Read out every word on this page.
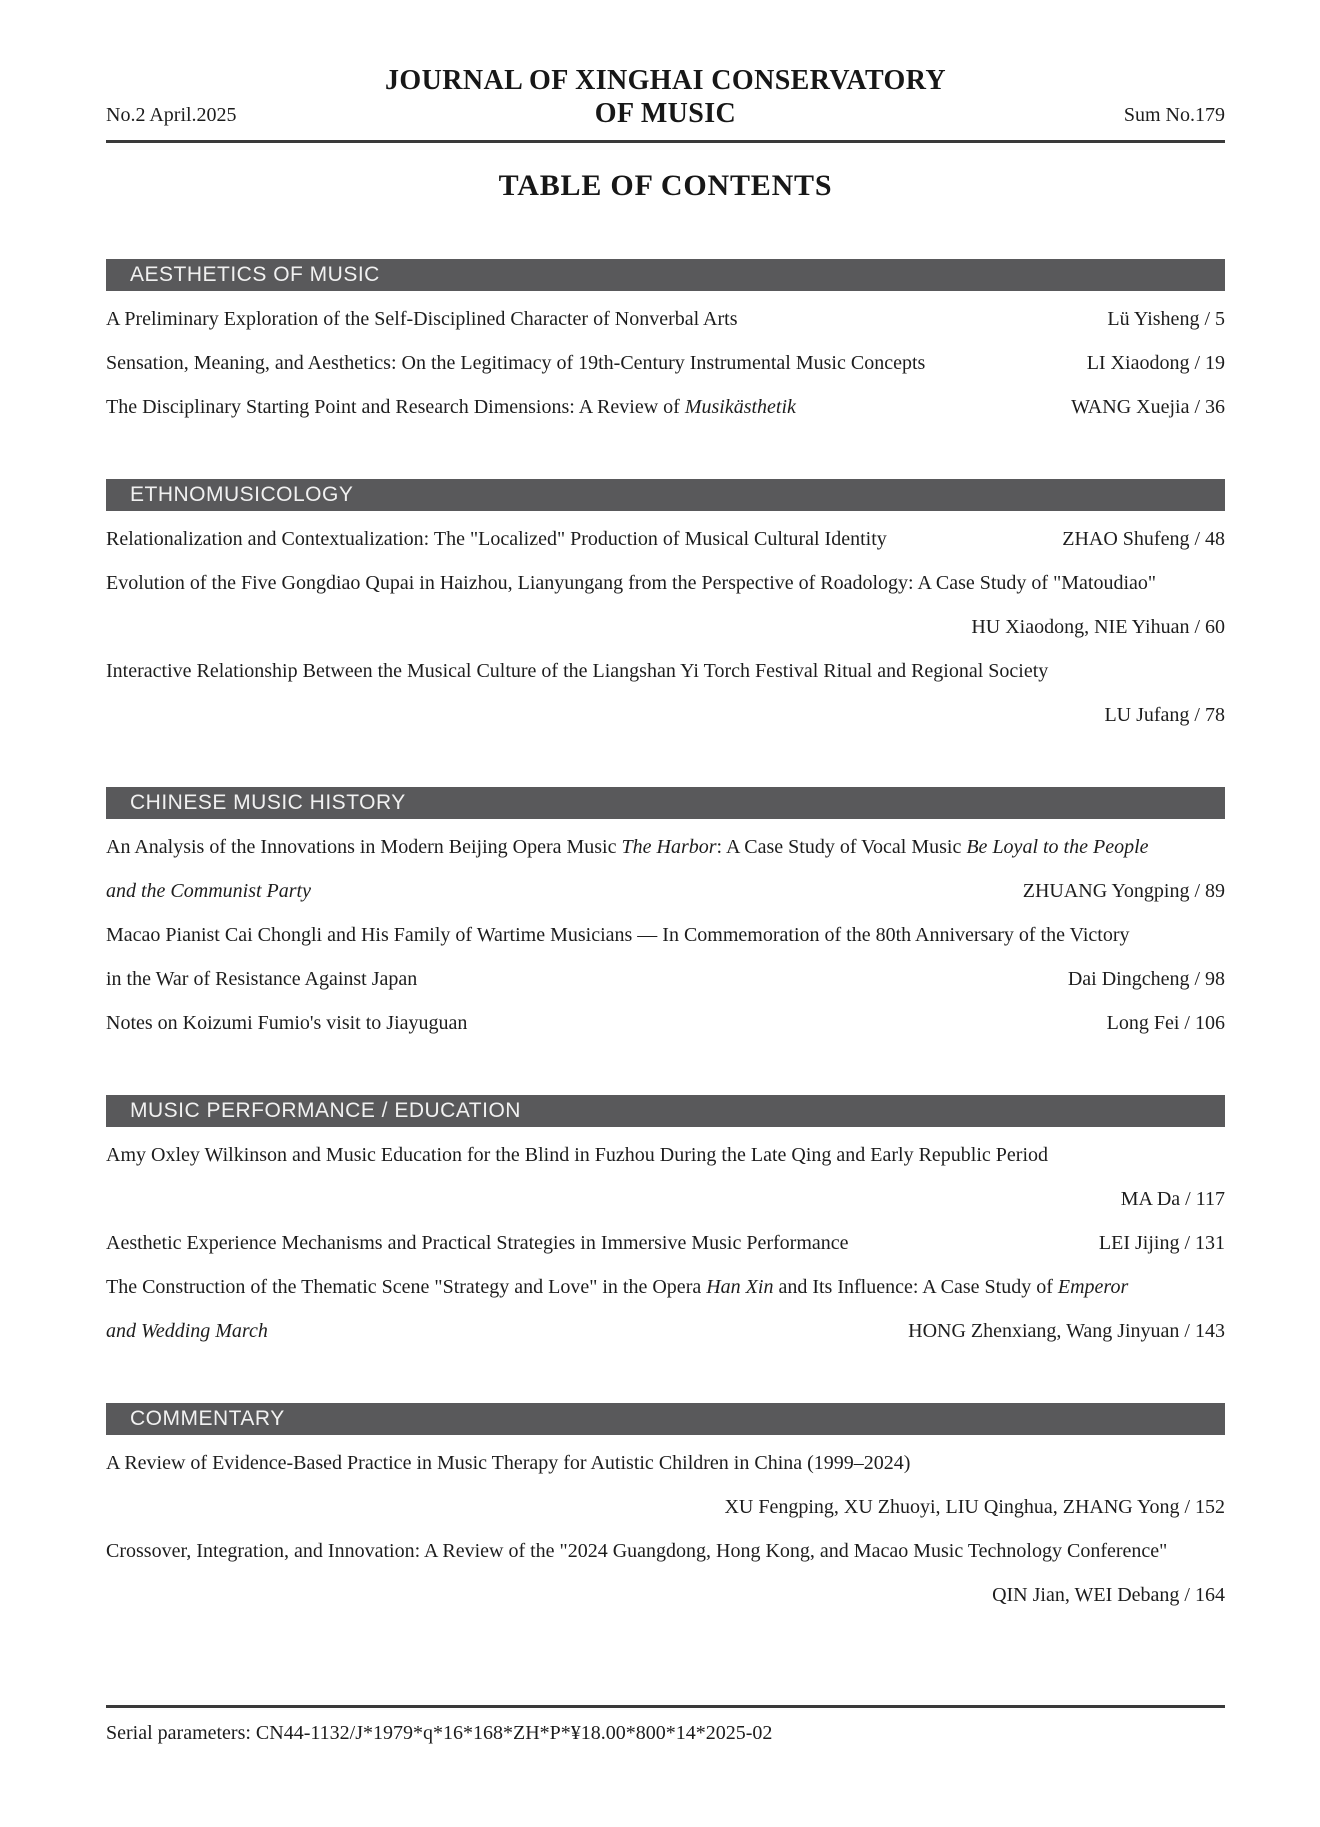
JOURNAL OF XINGHAI CONSERVATORY
OF MUSIC
No.2 April.2025	Sum No.179
TABLE OF CONTENTS
AESTHETICS OF MUSIC
A Preliminary Exploration of the Self-Disciplined Character of Nonverbal Arts	Lü Yisheng / 5
Sensation, Meaning, and Aesthetics: On the Legitimacy of 19th-Century Instrumental Music Concepts	LI Xiaodong / 19
The Disciplinary Starting Point and Research Dimensions: A Review of Musikästhetik	WANG Xuejia / 36
ETHNOMUSICOLOGY
Relationalization and Contextualization: The "Localized" Production of Musical Cultural Identity	ZHAO Shufeng / 48
Evolution of the Five Gongdiao Qupai in Haizhou, Lianyungang from the Perspective of Roadology: A Case Study of "Matoudiao"
HU Xiaodong, NIE Yihuan / 60
Interactive Relationship Between the Musical Culture of the Liangshan Yi Torch Festival Ritual and Regional Society
LU Jufang / 78
CHINESE MUSIC HISTORY
An Analysis of the Innovations in Modern Beijing Opera Music The Harbor: A Case Study of Vocal Music Be Loyal to the People
and the Communist Party	ZHUANG Yongping / 89
Macao Pianist Cai Chongli and His Family of Wartime Musicians — In Commemoration of the 80th Anniversary of the Victory
in the War of Resistance Against Japan	Dai Dingcheng / 98
Notes on Koizumi Fumio's visit to Jiayuguan	Long Fei / 106
MUSIC PERFORMANCE / EDUCATION
Amy Oxley Wilkinson and Music Education for the Blind in Fuzhou During the Late Qing and Early Republic Period
MA Da / 117
Aesthetic Experience Mechanisms and Practical Strategies in Immersive Music Performance	LEI Jijing / 131
The Construction of the Thematic Scene "Strategy and Love" in the Opera Han Xin and Its Influence: A Case Study of Emperor
and Wedding March	HONG Zhenxiang, Wang Jinyuan / 143
COMMENTARY
A Review of Evidence-Based Practice in Music Therapy for Autistic Children in China (1999–2024)
XU Fengping, XU Zhuoyi, LIU Qinghua, ZHANG Yong / 152
Crossover, Integration, and Innovation: A Review of the "2024 Guangdong, Hong Kong, and Macao Music Technology Conference"
QIN Jian, WEI Debang / 164
Serial parameters: CN44-1132/J*1979*q*16*168*ZH*P*¥18.00*800*14*2025-02
